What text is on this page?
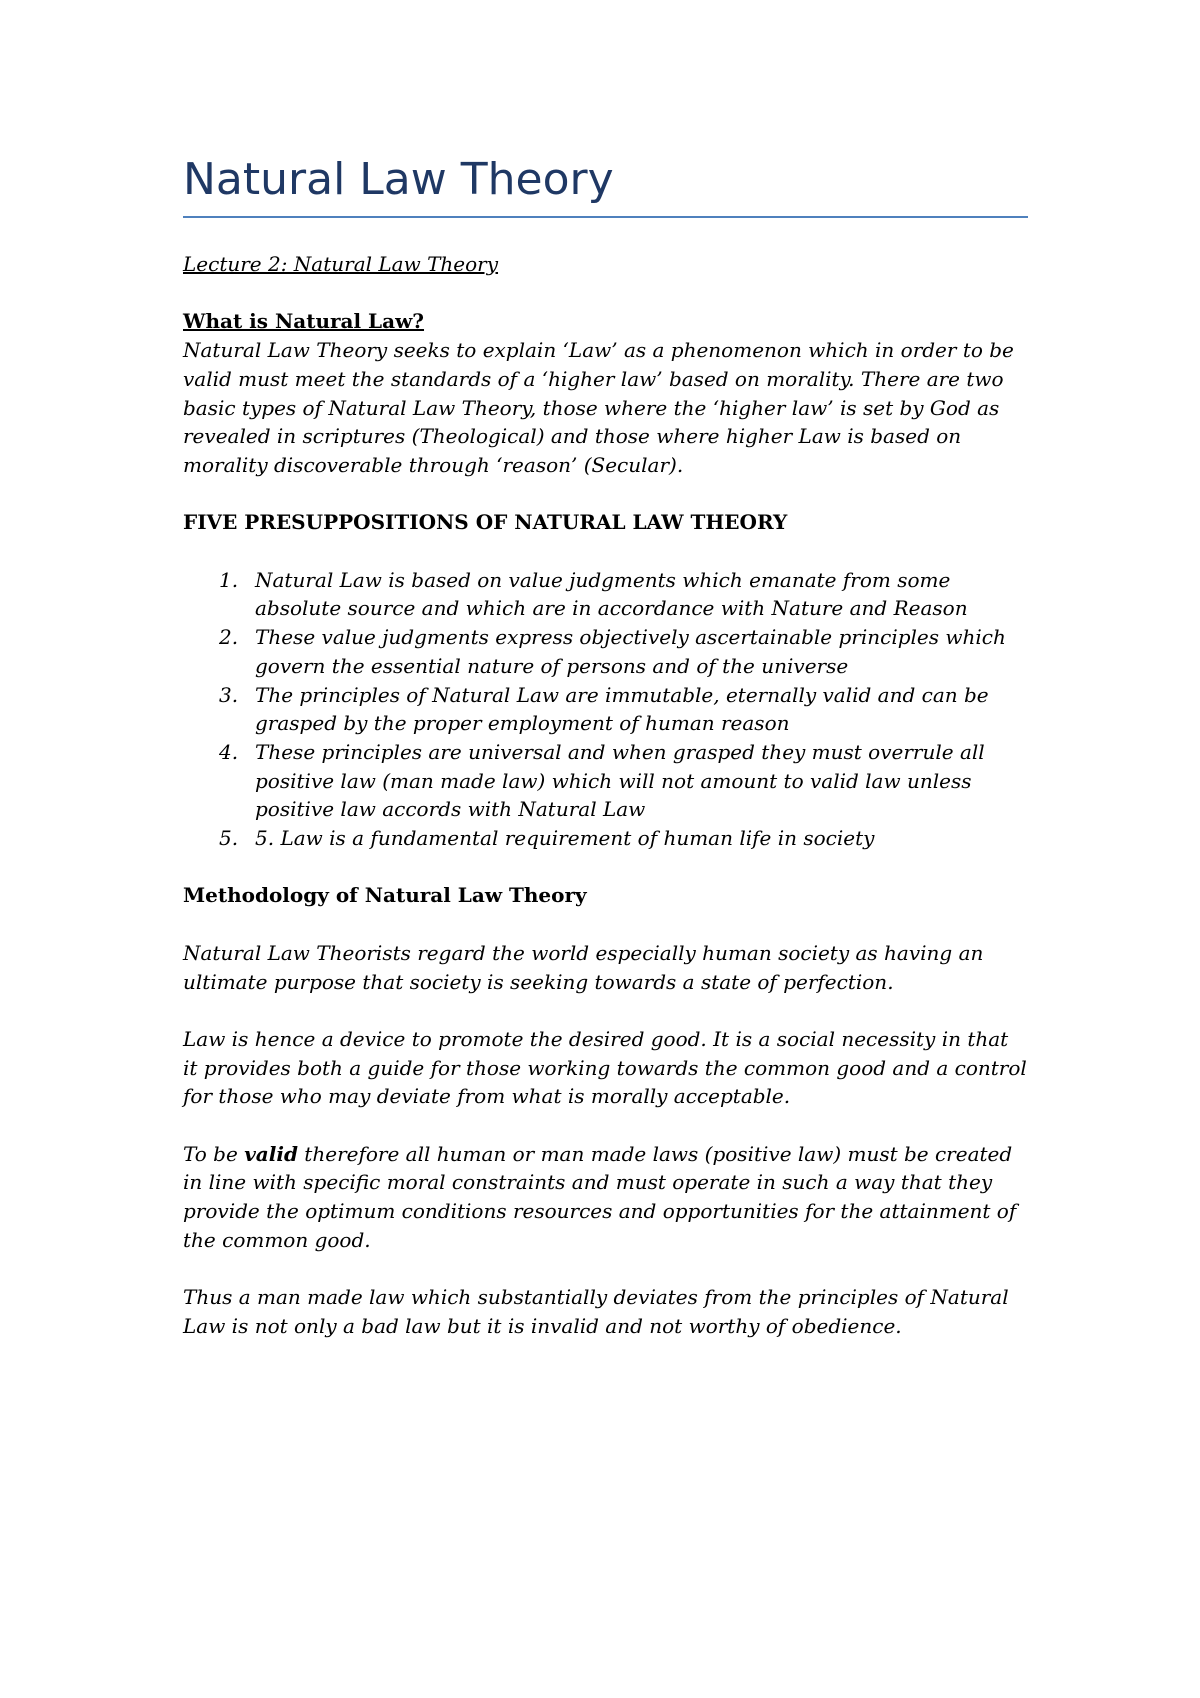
Natural Law Theory

Lecture 2: Natural Law Theory

What is Natural Law?

Natural Law Theory seeks to explain ‘Law’ as a phenomenon which in order to be valid must meet the standards of a ‘higher law’ based on morality. There are two basic types of Natural Law Theory, those where the ‘higher law’ is set by God as revealed in scriptures (Theological) and those where higher Law is based on morality discoverable through ‘reason’ (Secular).

FIVE PRESUPPOSITIONS OF NATURAL LAW THEORY

1. Natural Law is based on value judgments which emanate from some absolute source and which are in accordance with Nature and Reason
2. These value judgments express objectively ascertainable principles which govern the essential nature of persons and of the universe
3. The principles of Natural Law are immutable, eternally valid and can be grasped by the proper employment of human reason
4. These principles are universal and when grasped they must overrule all positive law (man made law) which will not amount to valid law unless positive law accords with Natural Law
5. 5. Law is a fundamental requirement of human life in society

Methodology of Natural Law Theory

Natural Law Theorists regard the world especially human society as having an ultimate purpose that society is seeking towards a state of perfection.

Law is hence a device to promote the desired good. It is a social necessity in that it provides both a guide for those working towards the common good and a control for those who may deviate from what is morally acceptable.

To be valid therefore all human or man made laws (positive law) must be created in line with specific moral constraints and must operate in such a way that they provide the optimum conditions resources and opportunities for the attainment of the common good.

Thus a man made law which substantially deviates from the principles of Natural Law is not only a bad law but it is invalid and not worthy of obedience.
